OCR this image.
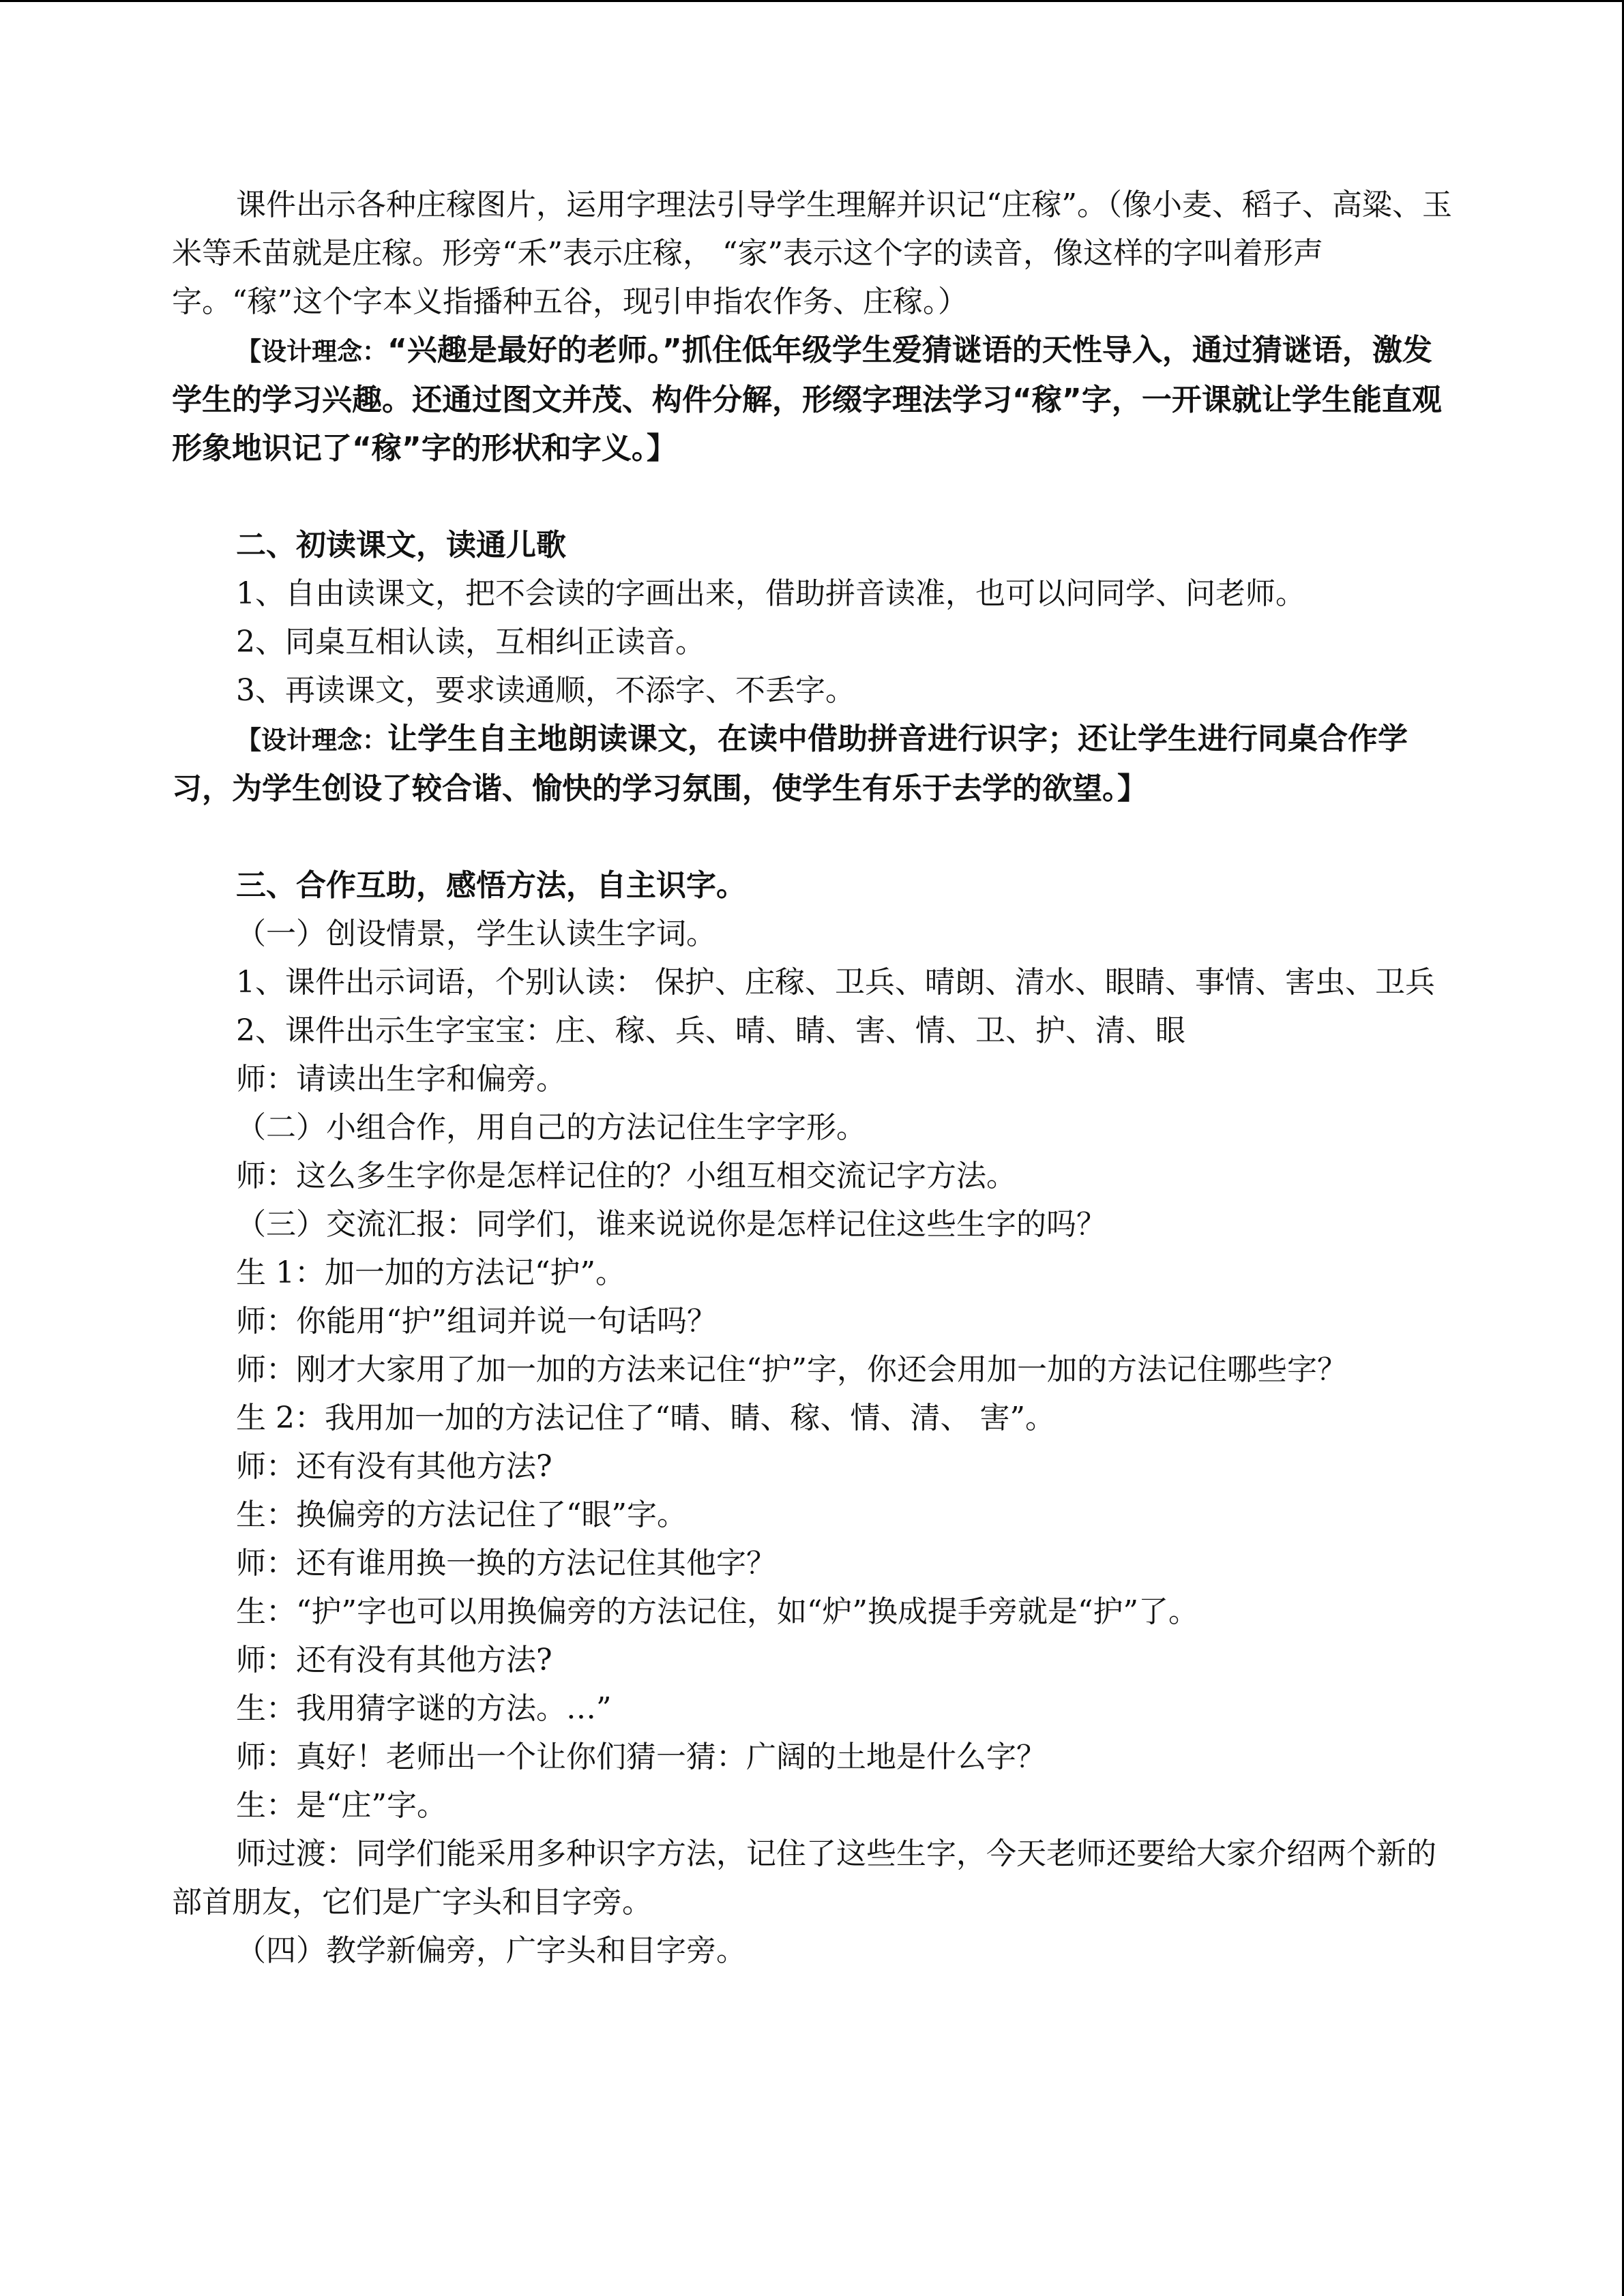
课件出示各种庄稼图片，运用字理法引导学生理解并识记“庄稼”。（像小麦、稻子、高粱、玉米等禾苗就是庄稼。形旁“禾”表示庄稼， “家”表示这个字的读音，像这样的字叫着形声字。“稼”这个字本义指播种五谷，现引申指农作务、庄稼。）

【设计理念：“兴趣是最好的老师。”抓住低年级学生爱猜谜语的天性导入，通过猜谜语，激发学生的学习兴趣。还通过图文并茂、构件分解，形缀字理法学习“稼”字，一开课就让学生能直观形象地识记了“稼”字的形状和字义。】

二、初读课文，读通儿歌

1、自由读课文，把不会读的字画出来，借助拼音读准，也可以问同学、问老师。

2、同桌互相认读，互相纠正读音。

3、再读课文，要求读通顺，不添字、不丢字。

【设计理念：让学生自主地朗读课文，在读中借助拼音进行识字；还让学生进行同桌合作学习，为学生创设了较合谐、愉快的学习氛围，使学生有乐于去学的欲望。】

三、合作互助，感悟方法，自主识字。

（一）创设情景，学生认读生字词。

1、课件出示词语，个别认读： 保护、庄稼、卫兵、晴朗、清水、眼睛、事情、害虫、卫兵

2、课件出示生字宝宝：庄、稼、兵、晴、睛、害、情、卫、护、清、眼

师：请读出生字和偏旁。

（二）小组合作，用自己的方法记住生字字形。

师：这么多生字你是怎样记住的？小组互相交流记字方法。

（三）交流汇报：同学们，谁来说说你是怎样记住这些生字的吗？

生 1：加一加的方法记“护”。

师：你能用“护”组词并说一句话吗？

师：刚才大家用了加一加的方法来记住“护”字，你还会用加一加的方法记住哪些字？

生 2：我用加一加的方法记住了“晴、睛、稼、情、清、 害”。

师：还有没有其他方法?

生：换偏旁的方法记住了“眼”字。

师：还有谁用换一换的方法记住其他字？

生：“护”字也可以用换偏旁的方法记住，如“炉”换成提手旁就是“护”了。

师：还有没有其他方法?

生：我用猜字谜的方法。…”

师：真好！老师出一个让你们猜一猜：广阔的土地是什么字？

生：是“庄”字。

师过渡：同学们能采用多种识字方法，记住了这些生字，今天老师还要给大家介绍两个新的部首朋友，它们是广字头和目字旁。

（四）教学新偏旁，广字头和目字旁。
